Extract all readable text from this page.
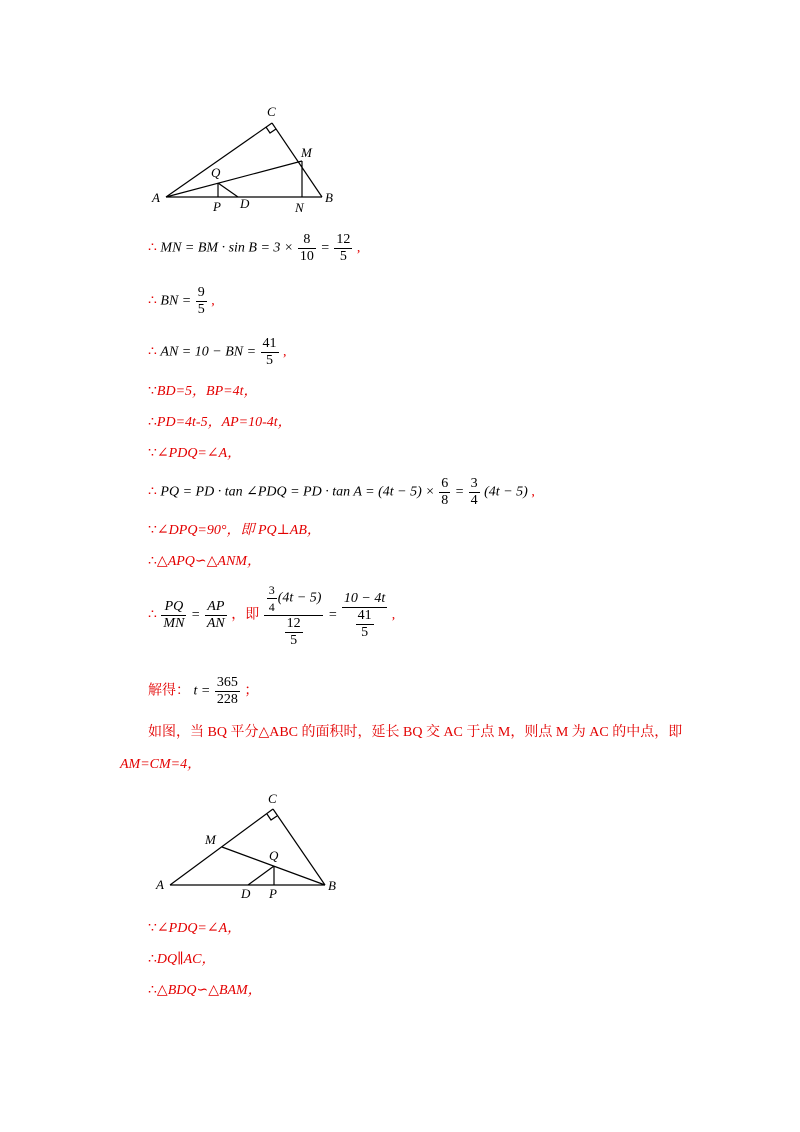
C
M
Q
A
P D	N
B
∴ MN = BM · $\sin B = 3 \times \frac{8}{10} = \frac{12}{5}$ ,
∴ BN = $\frac{9}{5}$ ,
∴ AN = 10 − BN = $\frac{41}{5}$ ,
∵BD=5，BP=4t，
∴PD=4t-5，AP=10-4t，
∵∠PDQ=∠A，
∴ PQ = PD · tan ∠PDQ = PD · $\tan A = (4t - 5) \times \frac{6}{8} = \frac{3}{4} (4t - 5)$ ,
∵∠DPQ=90°，即 PQ⊥AB，
∴△APQ∽△ANM，
∴ $\frac{PQ}{MN} = \frac{AP}{AN}$ ，即 $\frac{\frac{3}{4} (4t - 5)}{\frac{12}{5}} = \frac{10 - 4t}{\frac{41}{5}}$ ,
解得： $t = \frac{365}{228}$ ；
如图，当 BQ 平分△ABC 的面积时，延长 BQ 交 AC 于点 M，则点 M 为 AC 的中点，即
AM=CM=4，
C
M
Q
A
D P
B
∵∠PDQ=∠A，
∴DQ∥AC，
∴△BDQ∽△BAM，
